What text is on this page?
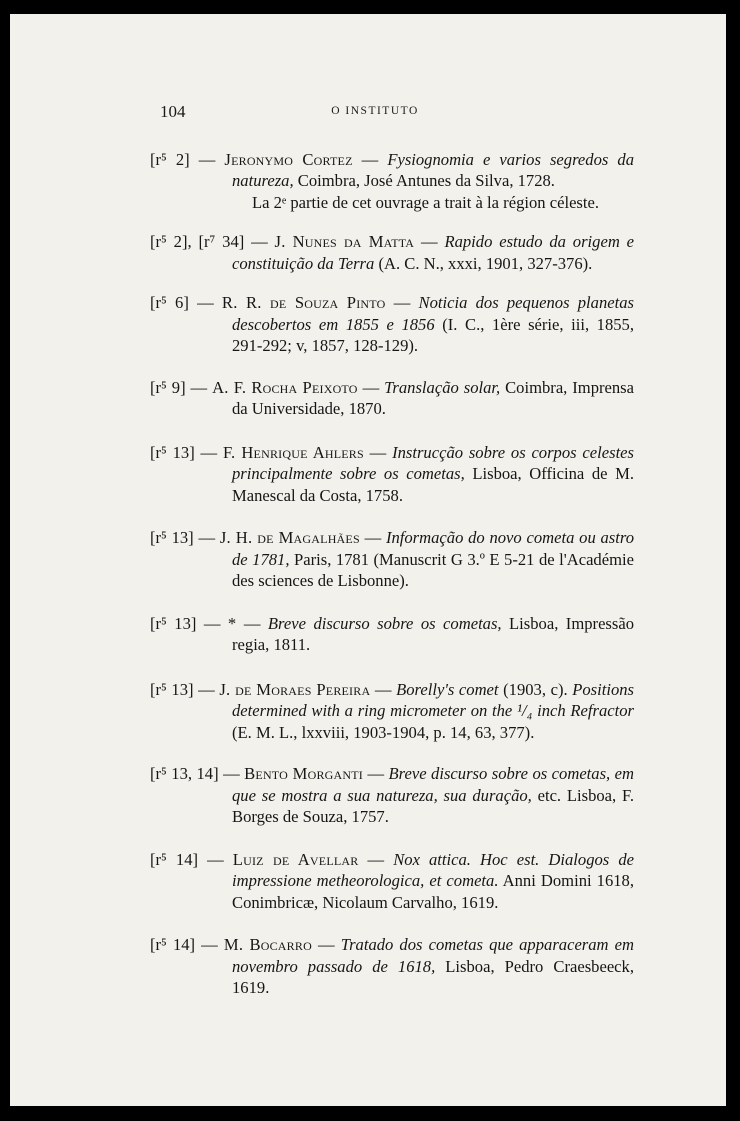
104	O INSTITUTO

[r⁵ 2] — Jeronymo Cortez — Fysiognomia e varios segredos da natureza, Coimbra, José Antunes da Silva, 1728.
La 2ᵉ partie de cet ouvrage a trait à la région céleste.

[r⁵ 2], [r⁷ 34] — J. Nunes da Matta — Rapido estudo da origem e constituição da Terra (A. C. N., xxxi, 1901, 327-376).

[r⁵ 6] — R. R. de Souza Pinto — Noticia dos pequenos planetas descobertos em 1855 e 1856 (I. C., 1ère série, iii, 1855, 291-292; v, 1857, 128-129).

[r⁵ 9] — A. F. Rocha Peixoto — Translação solar, Coimbra, Imprensa da Universidade, 1870.

[r⁵ 13] — F. Henrique Ahlers — Instrucção sobre os corpos celestes principalmente sobre os cometas, Lisboa, Officina de M. Manescal da Costa, 1758.

[r⁵ 13] — J. H. de Magalhães — Informação do novo cometa ou astro de 1781, Paris, 1781 (Manuscrit G 3.º E 5-21 de l'Académie des sciences de Lisbonne).

[r⁵ 13] — * — Breve discurso sobre os cometas, Lisboa, Impressão regia, 1811.

[r⁵ 13] — J. de Moraes Pereira — Borelly's comet (1903, c). Positions determined with a ring micrometer on the ¹/₄ inch Refractor (E. M. L., lxxviii, 1903-1904, p. 14, 63, 377).

[r⁵ 13, 14] — Bento Morganti — Breve discurso sobre os cometas, em que se mostra a sua natureza, sua duração, etc. Lisboa, F. Borges de Souza, 1757.

[r⁵ 14] — Luiz de Avellar — Nox attica. Hoc est. Dialogos de impressione metheorologica, et cometa. Anni Domini 1618, Conimbricæ, Nicolaum Carvalho, 1619.

[r⁵ 14] — M. Bocarro — Tratado dos cometas que apparaceram em novembro passado de 1618, Lisboa, Pedro Craesbeeck, 1619.
